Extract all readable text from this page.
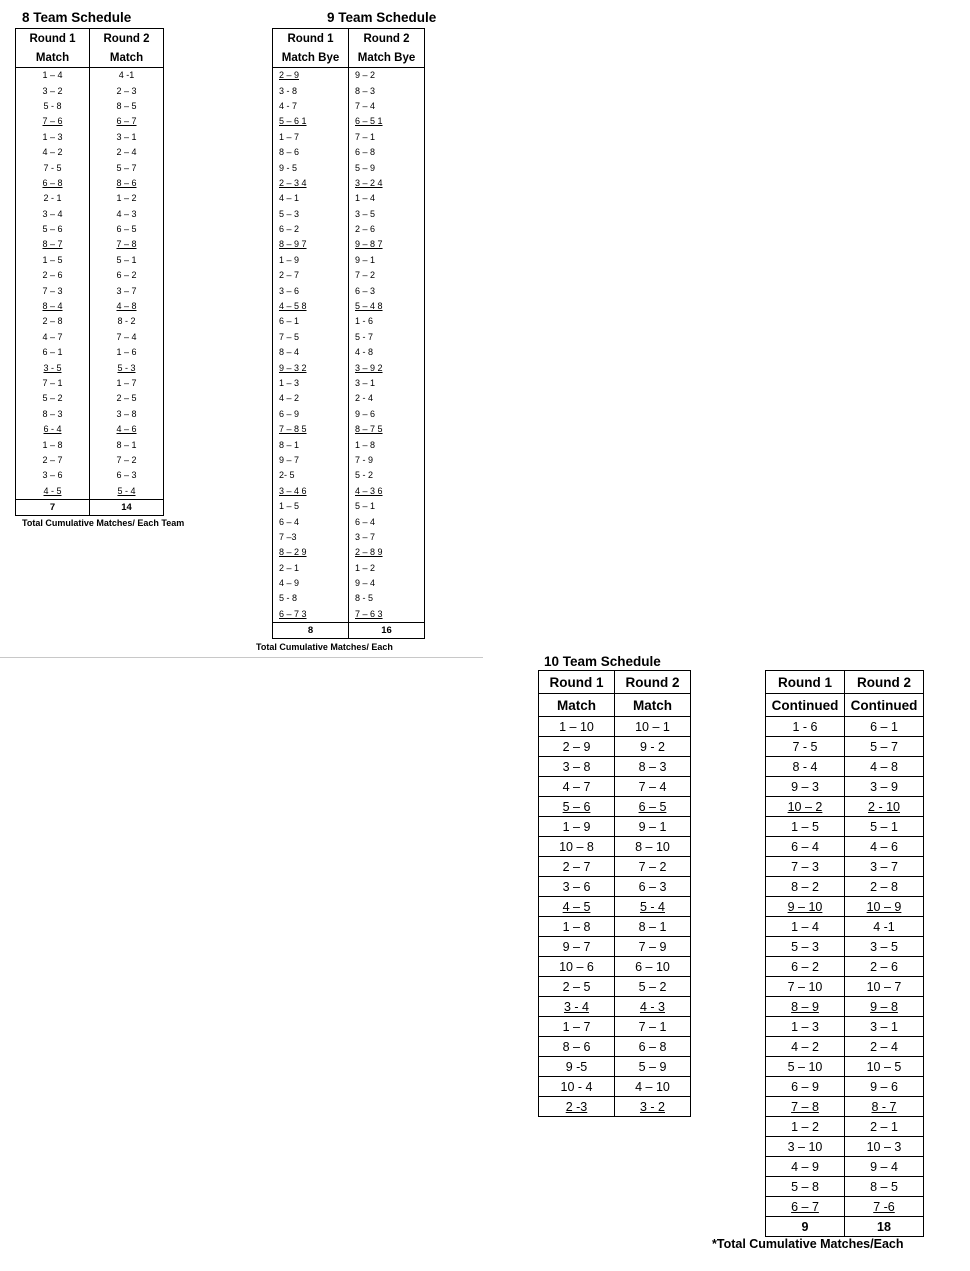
8 Team Schedule
Round 1	Round 2
Match	Match
1 – 4	4 -1
3 – 2	2 – 3
5 - 8	8 – 5
7 – 6	6 – 7
1 – 3	3 – 1
4 – 2	2 – 4
7 - 5	5 – 7
6 – 8	8 – 6
2 - 1	1 – 2
3 – 4	4 – 3
5 – 6	6 – 5
8 – 7	7 – 8
1 – 5	5 – 1
2 – 6	6 – 2
7 – 3	3 – 7
8 – 4	4 – 8
2 – 8	8 - 2
4 – 7	7 – 4
6 – 1	1 – 6
3 - 5	5 - 3
7 – 1	1 – 7
5 – 2	2 – 5
8 – 3	3 – 8
6 - 4	4 – 6
1 – 8	8 – 1
2 – 7	7 – 2
3 – 6	6 – 3
4 - 5	5 - 4
7	14
Total Cumulative Matches/ Each Team
9 Team Schedule
Round 1	Round 2
Match Bye	Match Bye
2 – 9	9 – 2
3 - 8	8 – 3
4 - 7	7 – 4
5 – 6 1	6 – 5 1
1 – 7	7 – 1
8 – 6	6 – 8
9 - 5	5 – 9
2 – 3 4	3 – 2 4
4 – 1	1 – 4
5 – 3	3 – 5
6 – 2	2 – 6
8 – 9 7	9 – 8 7
1 – 9	9 – 1
2 – 7	7 – 2
3 – 6	6 – 3
4 – 5 8	5 – 4 8
6 – 1	1 - 6
7 – 5	5 - 7
8 – 4	4 - 8
9 – 3 2	3 – 9 2
1 – 3	3 – 1
4 – 2	2 - 4
6 – 9	9 – 6
7 – 8 5	8 – 7 5
8 – 1	1 – 8
9 – 7	7 - 9
2- 5	5 - 2
3 – 4 6	4 – 3 6
1 – 5	5 – 1
6 – 4	6 – 4
7 –3	3 – 7
8 – 2 9	2 – 8 9
2 – 1	1 – 2
4 – 9	9 – 4
5 - 8	8 - 5
6 – 7 3	7 – 6 3
8	16
Total Cumulative Matches/ Each
10 Team Schedule
Round 1	Round 2
Match	Match
1 – 10	10 – 1
2 – 9	9 - 2
3 – 8	8 – 3
4 – 7	7 – 4
5 – 6	6 – 5
1 – 9	9 – 1
10 – 8	8 – 10
2 – 7	7 – 2
3 – 6	6 – 3
4 – 5	5 - 4
1 – 8	8 – 1
9 – 7	7 – 9
10 – 6	6 – 10
2 – 5	5 – 2
3 - 4	4 - 3
1 – 7	7 – 1
8 – 6	6 – 8
9 -5	5 – 9
10 - 4	4 – 10
2 -3	3 - 2
Round 1	Round 2
Continued	Continued
1 - 6	6 – 1
7 - 5	5 – 7
8 - 4	4 – 8
9 – 3	3 – 9
10 – 2	2 - 10
1 – 5	5 – 1
6 – 4	4 – 6
7 – 3	3 – 7
8 – 2	2 – 8
9 – 10	10 – 9
1 – 4	4 -1
5 – 3	3 – 5
6 – 2	2 – 6
7 – 10	10 – 7
8 – 9	9 – 8
1 – 3	3 – 1
4 – 2	2 – 4
5 – 10	10 – 5
6 – 9	9 – 6
7 – 8	8 - 7
1 – 2	2 – 1
3 – 10	10 – 3
4 – 9	9 – 4
5 – 8	8 – 5
6 – 7	7 -6
9	18
*Total Cumulative Matches/Each
